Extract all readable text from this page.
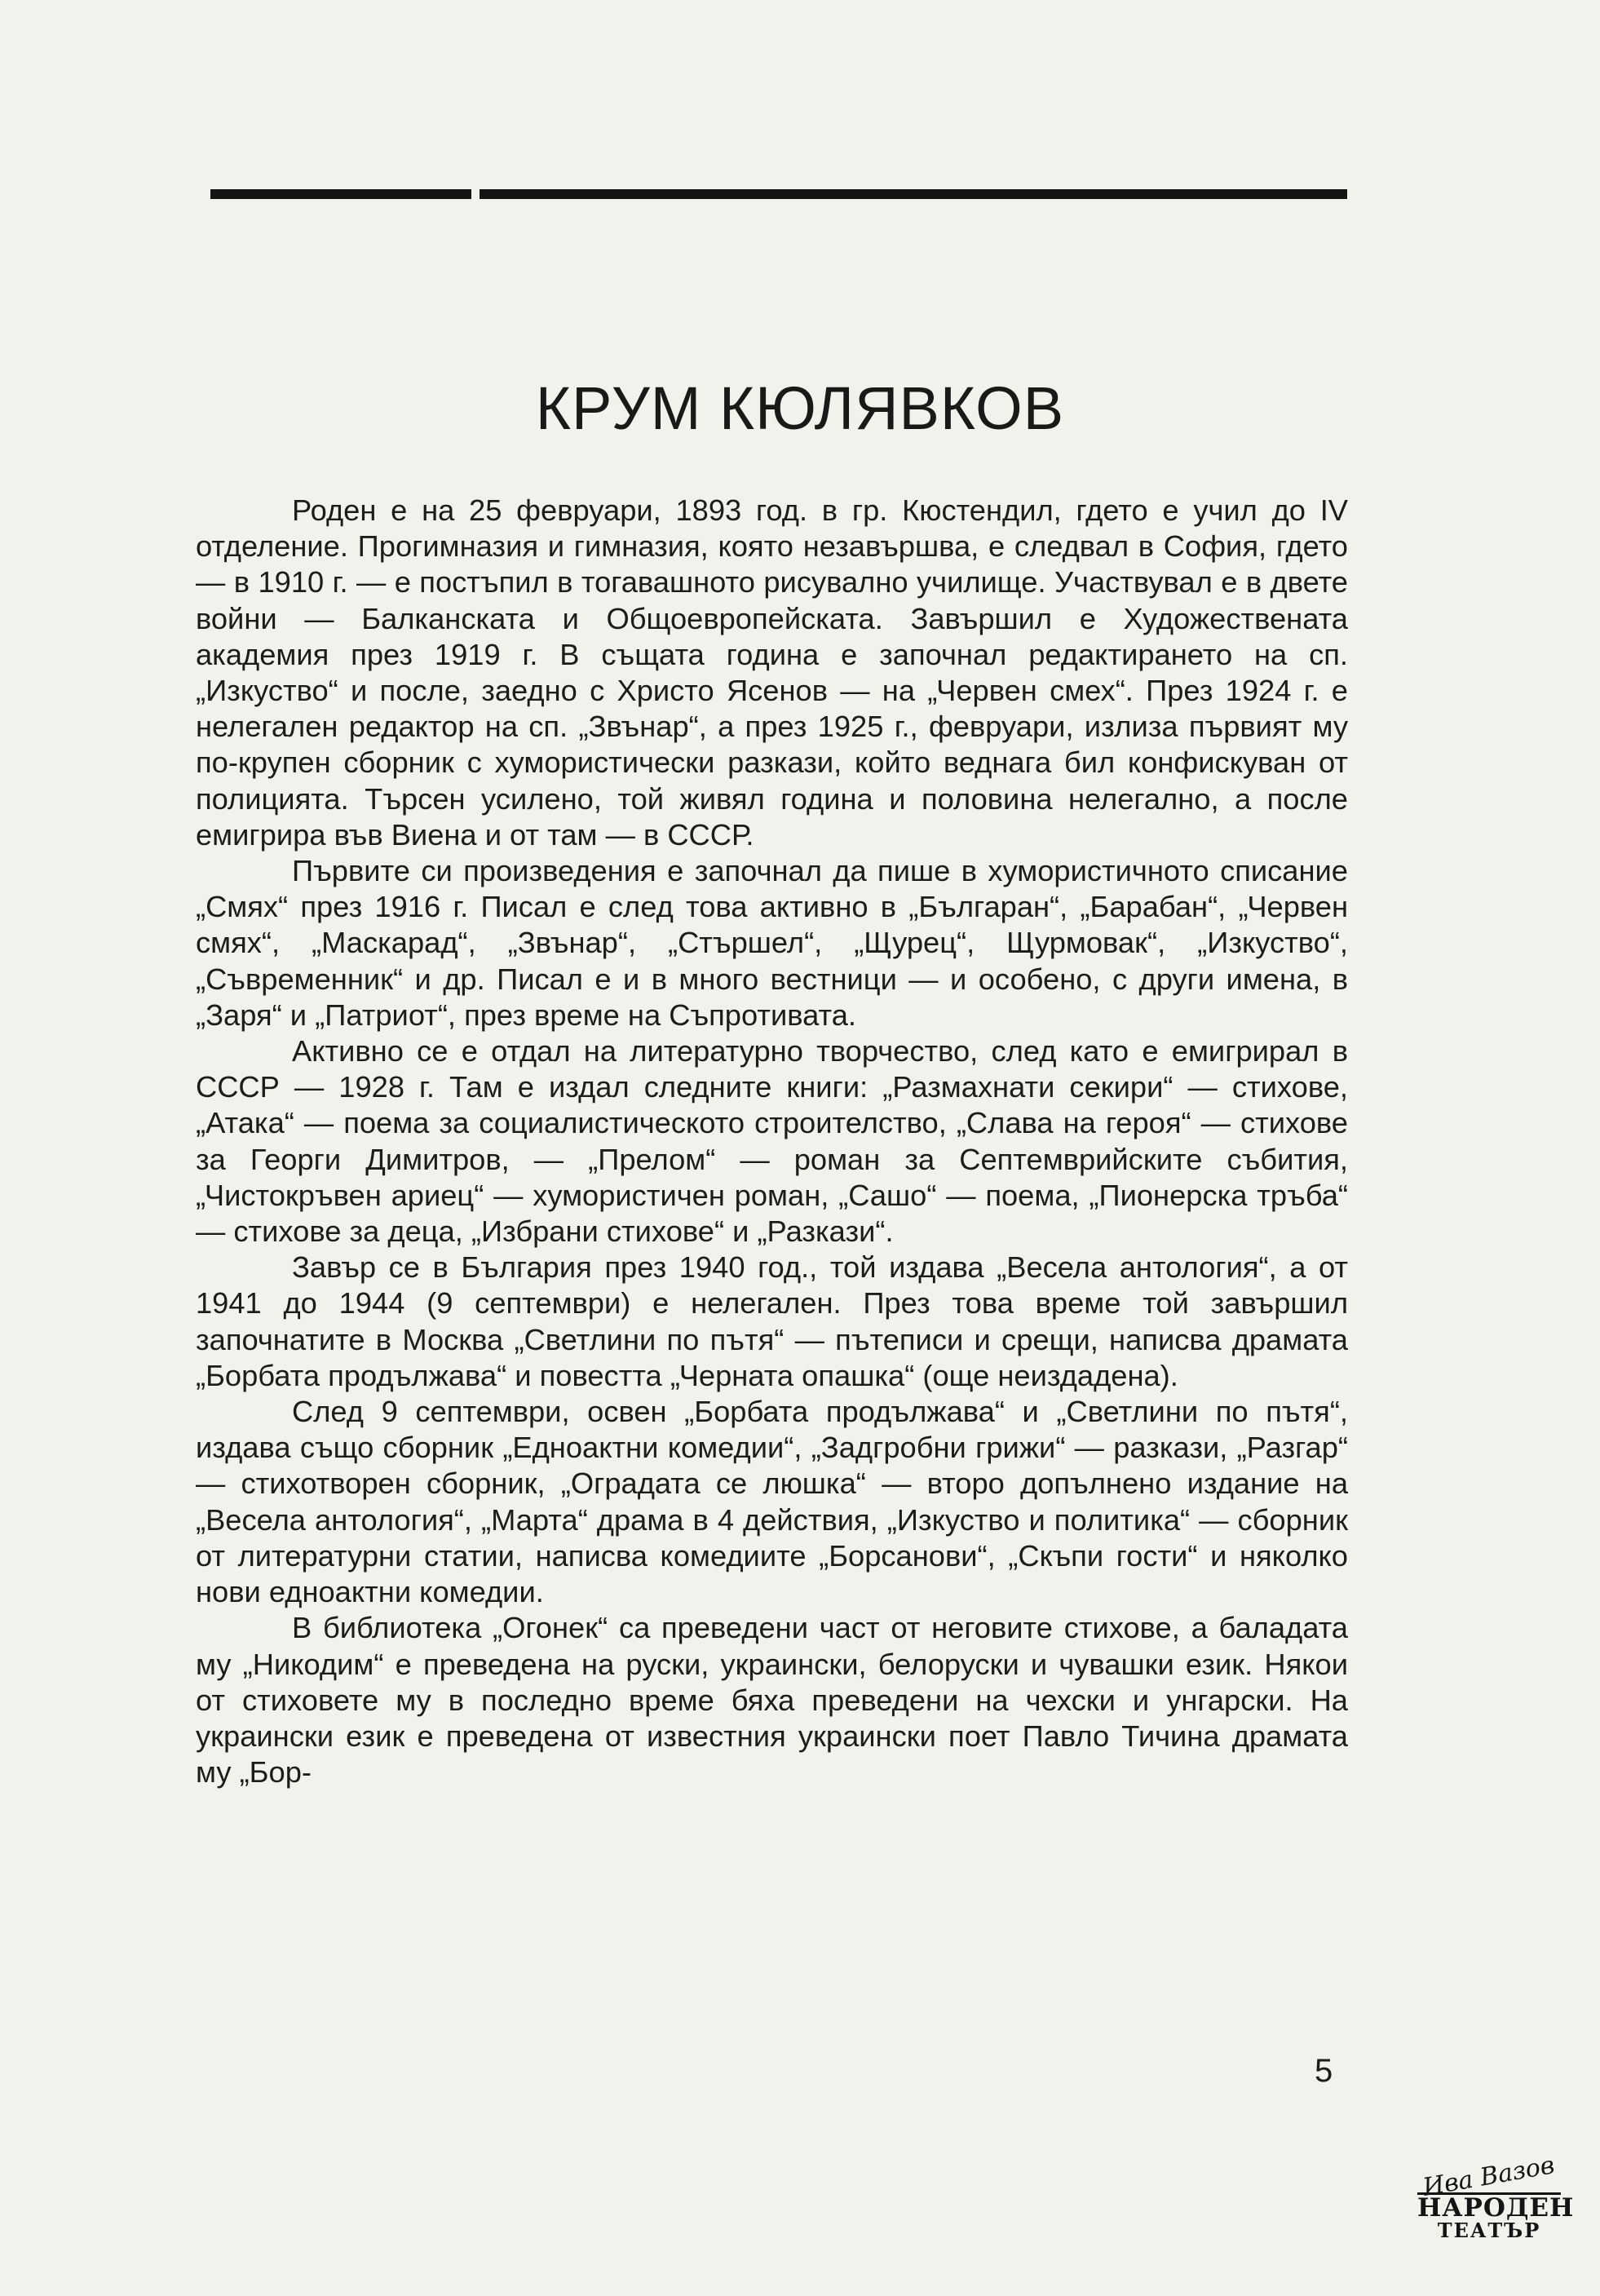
КРУМ КЮЛЯВКОВ

Роден е на 25 февруари, 1893 год. в гр. Кюстендил, гдето е учил до IV отделение. Прогимназия и гимназия, която незавършва, е следвал в София, гдето — в 1910 г. — е постъпил в тогавашното рисувално училище. Участвувал е в двете войни — Балканската и Общоевропейската. Завършил е Художествената академия през 1919 г. В същата година е започнал редактирането на сп. „Изкуство“ и после, заедно с Христо Ясенов — на „Червен смех“. През 1924 г. е нелегален редактор на сп. „Звънар“, а през 1925 г., февруари, излиза първият му по-крупен сборник с хумористически разкази, който веднага бил конфискуван от полицията. Търсен усилено, той живял година и половина нелегално, а после емигрира във Виена и от там — в СССР.

Първите си произведения е започнал да пише в хумористичното списание „Смях“ през 1916 г. Писал е след това активно в „Българан“, „Барабан“, „Червен смях“, „Маскарад“, „Звънар“, „Стършел“, „Щурец“, Щурмовак“, „Изкуство“, „Съвременник“ и др. Писал е и в много вестници — и особено, с други имена, в „Заря“ и „Патриот“, през време на Съпротивата.

Активно се е отдал на литературно творчество, след като е емигрирал в СССР — 1928 г. Там е издал следните книги: „Размахнати секири“ — стихове, „Атака“ — поема за социалистическото строителство, „Слава на героя“ — стихове за Георги Димитров, — „Прелом“ — роман за Септемврийските събития, „Чистокръвен ариец“ — хумористичен роман, „Сашо“ — поема, „Пионерска тръба“ — стихове за деца, „Избрани стихове“ и „Разкази“.

Завър се в България през 1940 год., той издава „Весела антология“, а от 1941 до 1944 (9 септември) е нелегален. През това време той завършил започнатите в Москва „Светлини по пътя“ — пътеписи и срещи, написва драмата „Борбата продължава“ и повестта „Черната опашка“ (още неиздадена).

След 9 септември, освен „Борбата продължава“ и „Светлини по пътя“, издава също сборник „Едноактни комедии“, „Задгробни грижи“ — разкази, „Разгар“ — стихотворен сборник, „Оградата се люшка“ — второ допълнено издание на „Весела антология“, „Марта“ драма в 4 действия, „Изкуство и политика“ — сборник от литературни статии, написва комедиите „Борсанови“, „Скъпи гости“ и няколко нови едноактни комедии.

В библиотека „Огонек“ са преведени част от неговите стихове, а баладата му „Никодим“ е преведена на руски, украински, белоруски и чувашки език. Някои от стиховете му в последно време бяха преведени на чехски и унгарски. На украински език е преведена от известния украински поет Павло Тичина драмата му „Бор-

5
Ива Вазов
НАРОДЕН
ТЕАТЪР
